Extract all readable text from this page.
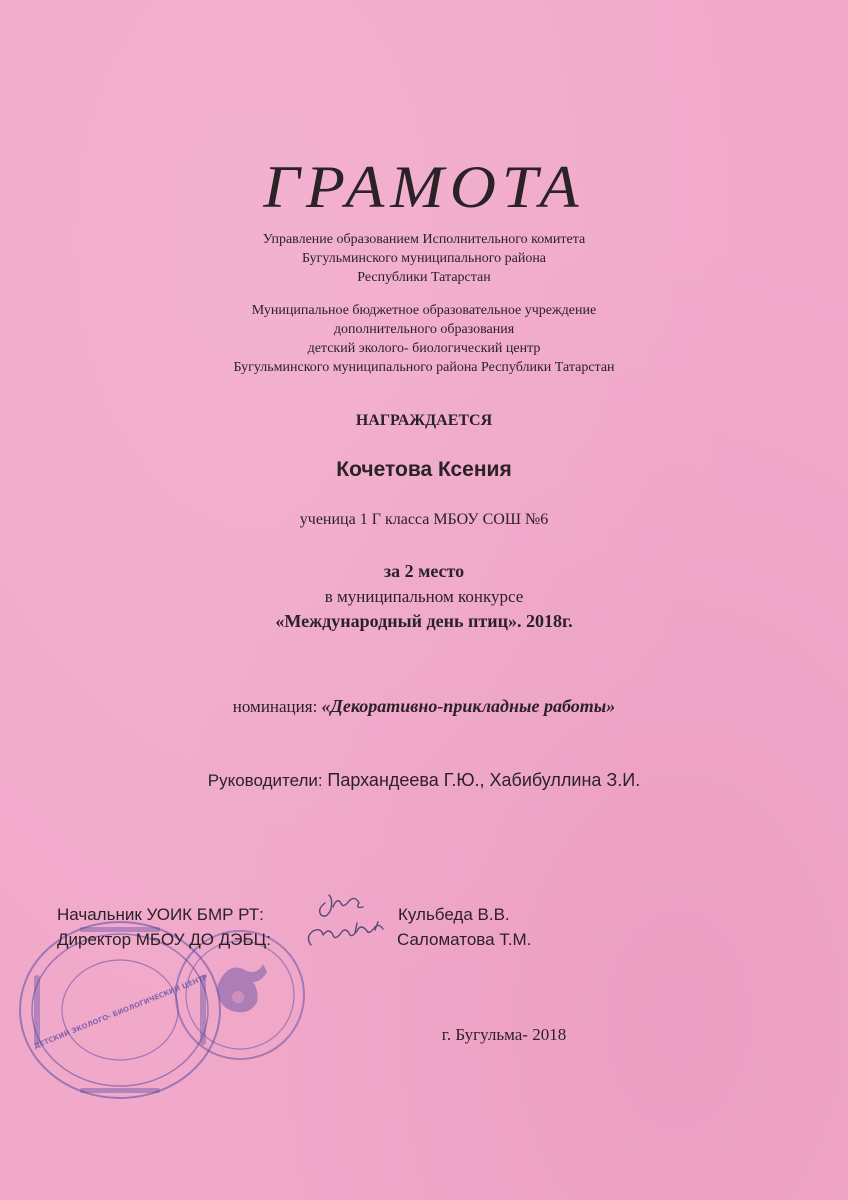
ГРАМОТА
Управление образованием Исполнительного комитета
Бугульминского муниципального района
Республики Татарстан
Муниципальное бюджетное образовательное учреждение
дополнительного образования
детский эколого- биологический центр
Бугульминского муниципального района Республики Татарстан
НАГРАЖДАЕТСЯ
Кочетова Ксения
ученица 1 Г класса МБОУ СОШ №6
за 2 место
в муниципальном конкурсе
«Международный день птиц». 2018г.
номинация: «Декоративно-прикладные работы»
Руководители: Пархандеева Г.Ю., Хабибуллина З.И.
ДЕТСКИЙ ЭКОЛОГО- БИОЛОГИЧЕСКИЙ ЦЕНТР
Начальник УОИК БМР РТ:	Кульбеда В.В.
Директор МБОУ ДО ДЭБЦ:	Саломатова Т.М.
г. Бугульма- 2018
